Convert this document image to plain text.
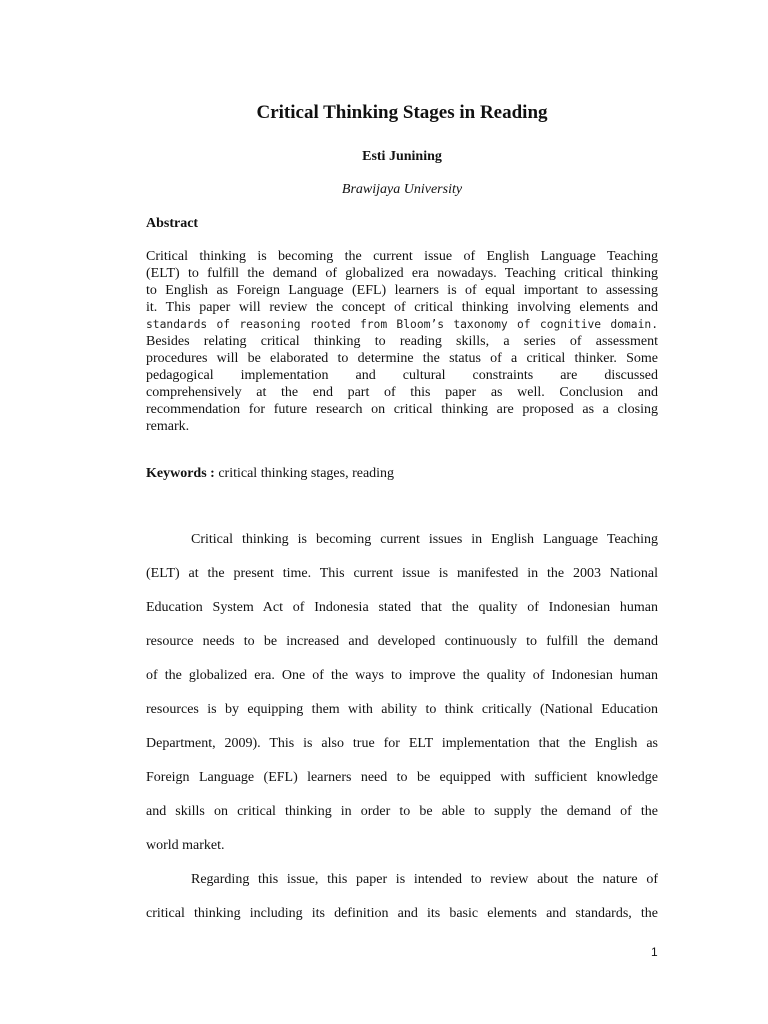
Critical Thinking Stages in Reading
Esti Junining
Brawijaya University
Abstract
Critical thinking is becoming the current issue of English Language Teaching
(ELT) to fulfill the demand of globalized era nowadays. Teaching critical thinking
to English as Foreign Language (EFL) learners is of equal important to assessing
it. This paper will review the concept of critical thinking involving elements and
standards of reasoning rooted from Bloom’s taxonomy of cognitive domain.
Besides relating critical thinking to reading skills, a series of assessment
procedures will be elaborated to determine the status of a critical thinker. Some
pedagogical implementation and cultural constraints are discussed
comprehensively at the end part of this paper as well. Conclusion and
recommendation for future research on critical thinking are proposed as a closing
remark.
Keywords : critical thinking stages, reading
Critical thinking is becoming current issues in English Language Teaching
(ELT) at the present time. This current issue is manifested in the 2003 National
Education System Act of Indonesia stated that the quality of Indonesian human
resource needs to be increased and developed continuously to fulfill the demand
of the globalized era. One of the ways to improve the quality of Indonesian human
resources is by equipping them with ability to think critically (National Education
Department, 2009). This is also true for ELT implementation that the English as
Foreign Language (EFL) learners need to be equipped with sufficient knowledge
and skills on critical thinking in order to be able to supply the demand of the
world market.
Regarding this issue, this paper is intended to review about the nature of
critical thinking including its definition and its basic elements and standards, the
1
